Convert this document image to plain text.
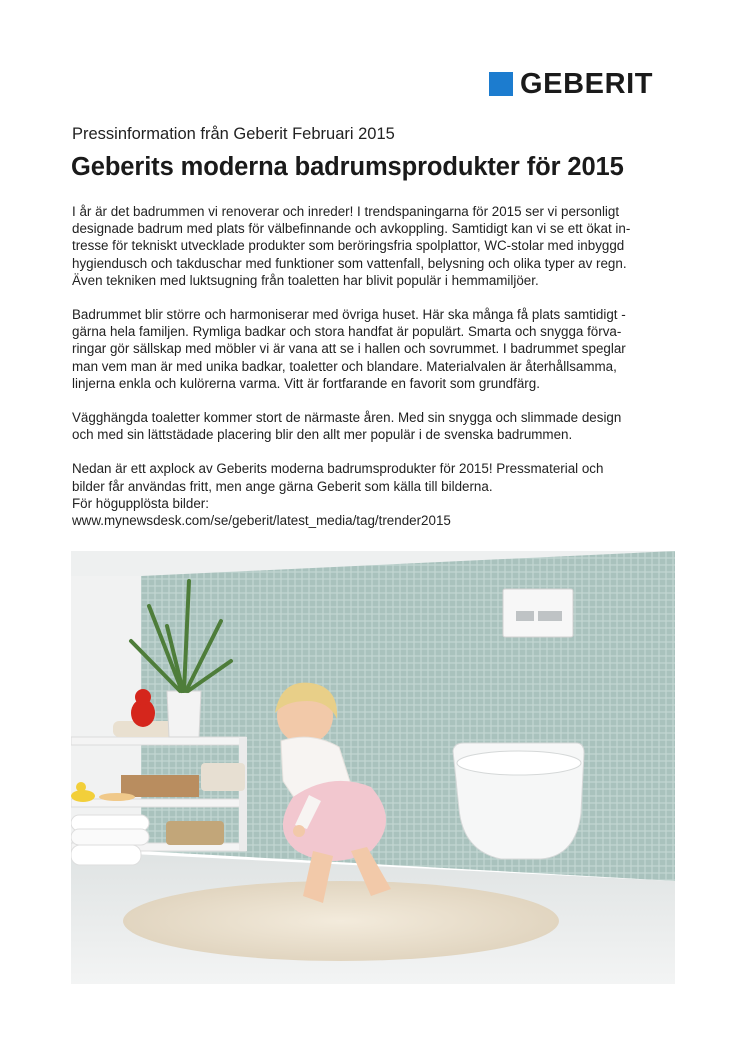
GEBERIT
Pressinformation från Geberit Februari 2015
Geberits moderna badrumsprodukter för 2015

I år är det badrummen vi renoverar och inreder! I trendspaningarna för 2015 ser vi personligt
designade badrum med plats för välbefinnande och avkoppling. Samtidigt kan vi se ett ökat in-
tresse för tekniskt utvecklade produkter som beröringsfria spolplattor, WC-stolar med inbyggd
hygiendusch och takduschar med funktioner som vattenfall, belysning och olika typer av regn.
Även tekniken med luktsugning från toaletten har blivit populär i hemmamiljöer.

Badrummet blir större och harmoniserar med övriga huset. Här ska många få plats samtidigt -
gärna hela familjen. Rymliga badkar och stora handfat är populärt. Smarta och snygga förva-
ringar gör sällskap med möbler vi är vana att se i hallen och sovrummet. I badrummet speglar
man vem man är med unika badkar, toaletter och blandare. Materialvalen är återhållsamma,
linjerna enkla och kulörerna varma. Vitt är fortfarande en favorit som grundfärg.

Vägghängda toaletter kommer stort de närmaste åren. Med sin snygga och slimmade design
och med sin lättstädade placering blir den allt mer populär i de svenska badrummen.

Nedan är ett axplock av Geberits moderna badrumsprodukter för 2015! Pressmaterial och
bilder får användas fritt, men ange gärna Geberit som källa till bilderna.
För högupplösta bilder:
www.mynewsdesk.com/se/geberit/latest_media/tag/trender2015
